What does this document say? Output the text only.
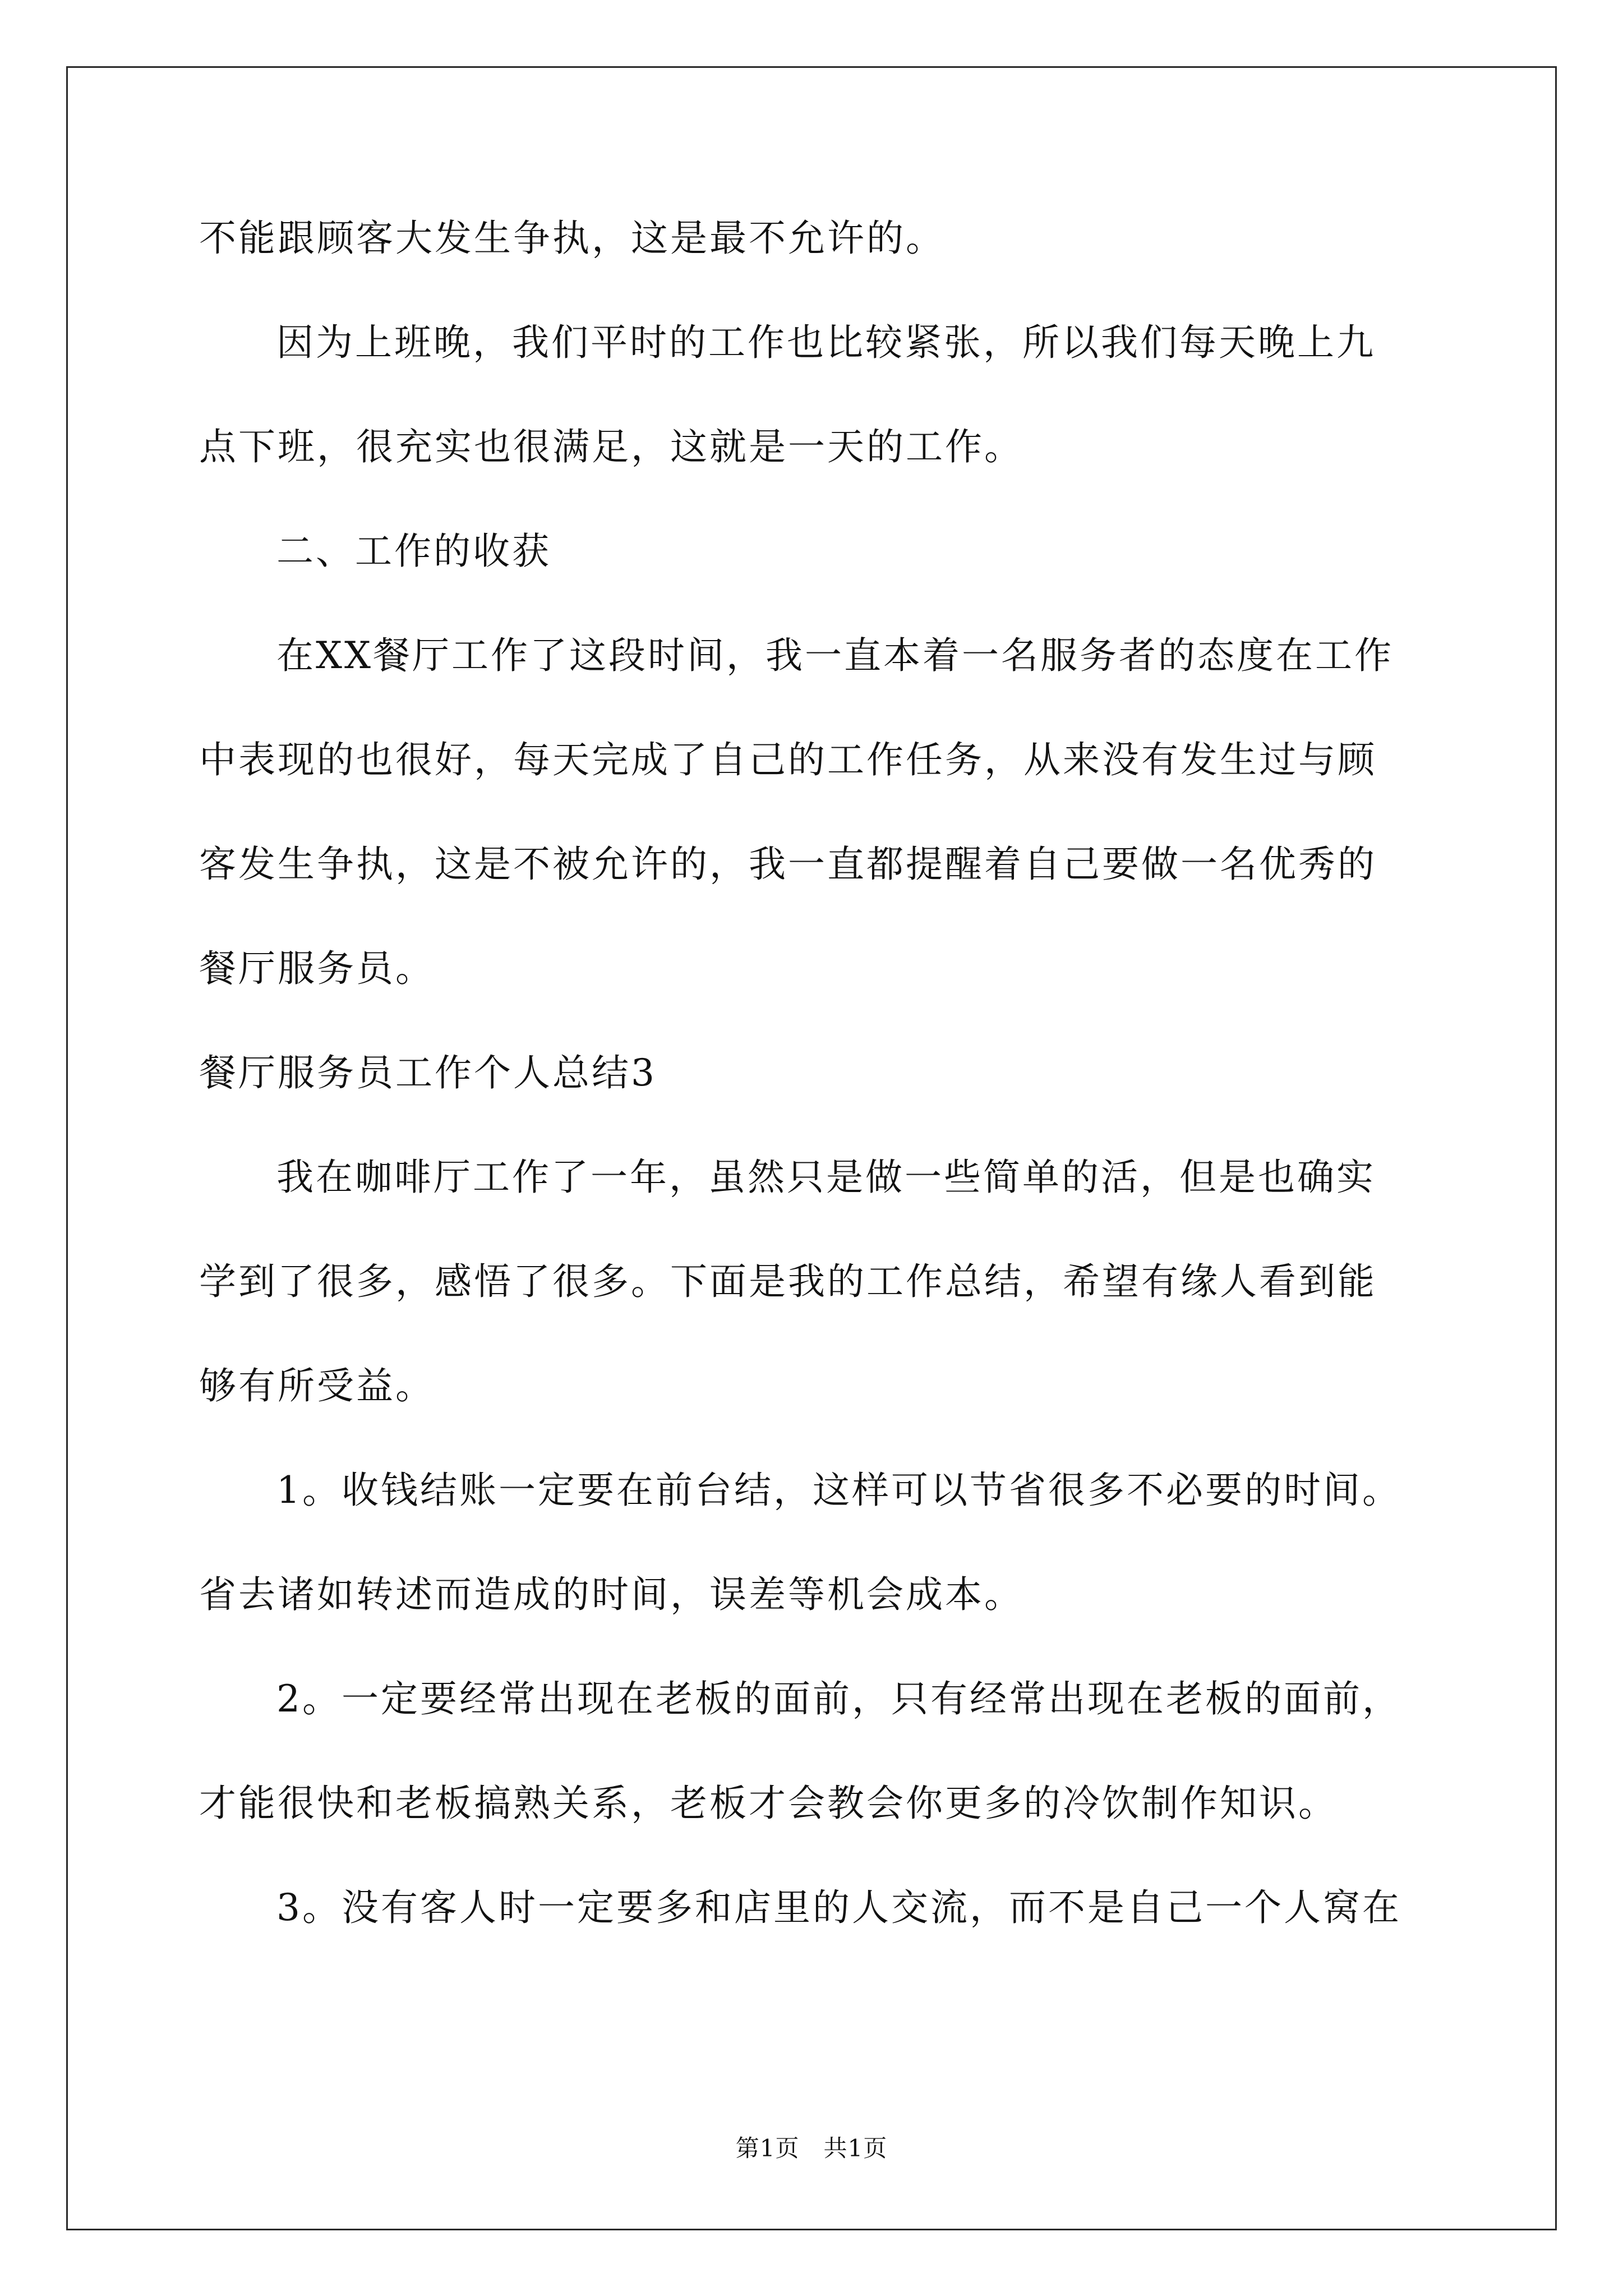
不能跟顾客大发生争执，这是最不允许的。
因为上班晚，我们平时的工作也比较紧张，所以我们每天晚上九
点下班，很充实也很满足，这就是一天的工作。
二、工作的收获
在XX餐厅工作了这段时间，我一直本着一名服务者的态度在工作
中表现的也很好，每天完成了自己的工作任务，从来没有发生过与顾
客发生争执，这是不被允许的，我一直都提醒着自己要做一名优秀的
餐厅服务员。
餐厅服务员工作个人总结3
我在咖啡厅工作了一年，虽然只是做一些简单的活，但是也确实
学到了很多，感悟了很多。下面是我的工作总结，希望有缘人看到能
够有所受益。
1。收钱结账一定要在前台结，这样可以节省很多不必要的时间。
省去诸如转述而造成的时间，误差等机会成本。
2。一定要经常出现在老板的面前，只有经常出现在老板的面前，
才能很快和老板搞熟关系，老板才会教会你更多的冷饮制作知识。
3。没有客人时一定要多和店里的人交流，而不是自己一个人窝在
第1页   共1页
